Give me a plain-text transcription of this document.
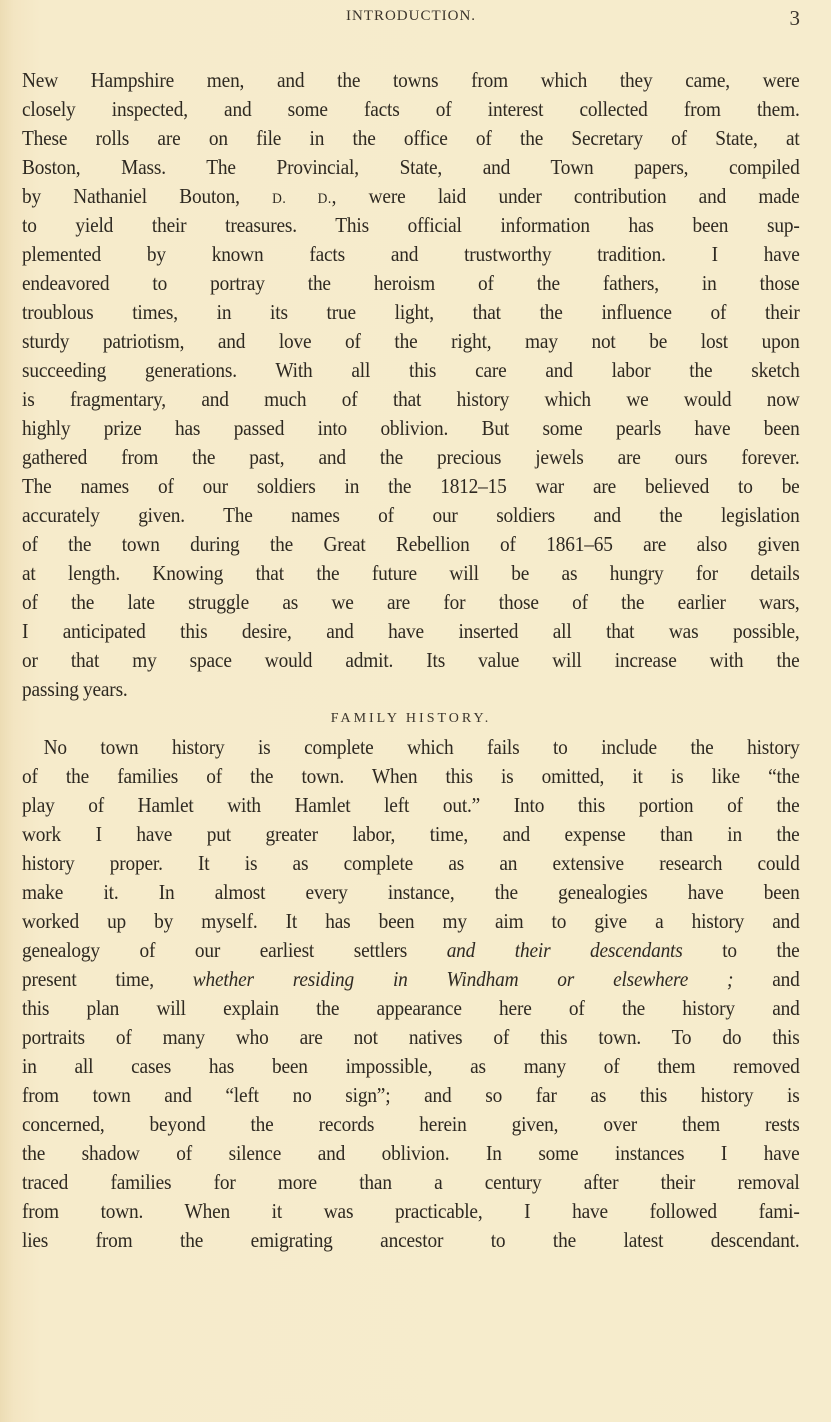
INTRODUCTION.	3
New Hampshire men, and the towns from which they came, were
closely inspected, and some facts of interest collected from them.
These rolls are on file in the office of the Secretary of State, at
Boston, Mass. The Provincial, State, and Town papers, compiled
by Nathaniel Bouton, D. D., were laid under contribution and made
to yield their treasures. This official information has been sup-
plemented by known facts and trustworthy tradition. I have
endeavored to portray the heroism of the fathers, in those
troublous times, in its true light, that the influence of their
sturdy patriotism, and love of the right, may not be lost upon
succeeding generations. With all this care and labor the sketch
is fragmentary, and much of that history which we would now
highly prize has passed into oblivion. But some pearls have been
gathered from the past, and the precious jewels are ours forever.
The names of our soldiers in the 1812–15 war are believed to be
accurately given. The names of our soldiers and the legislation
of the town during the Great Rebellion of 1861–65 are also given
at length. Knowing that the future will be as hungry for details
of the late struggle as we are for those of the earlier wars,
I anticipated this desire, and have inserted all that was possible,
or that my space would admit. Its value will increase with the
passing years.
FAMILY HISTORY.
No town history is complete which fails to include the history
of the families of the town. When this is omitted, it is like “the
play of Hamlet with Hamlet left out.” Into this portion of the
work I have put greater labor, time, and expense than in the
history proper. It is as complete as an extensive research could
make it. In almost every instance, the genealogies have been
worked up by myself. It has been my aim to give a history and
genealogy of our earliest settlers and their descendants to the
present time, whether residing in Windham or elsewhere ; and
this plan will explain the appearance here of the history and
portraits of many who are not natives of this town. To do this
in all cases has been impossible, as many of them removed
from town and “left no sign”; and so far as this history is
concerned, beyond the records herein given, over them rests
the shadow of silence and oblivion. In some instances I have
traced families for more than a century after their removal
from town. When it was practicable, I have followed fami-
lies from the emigrating ancestor to the latest descendant.
